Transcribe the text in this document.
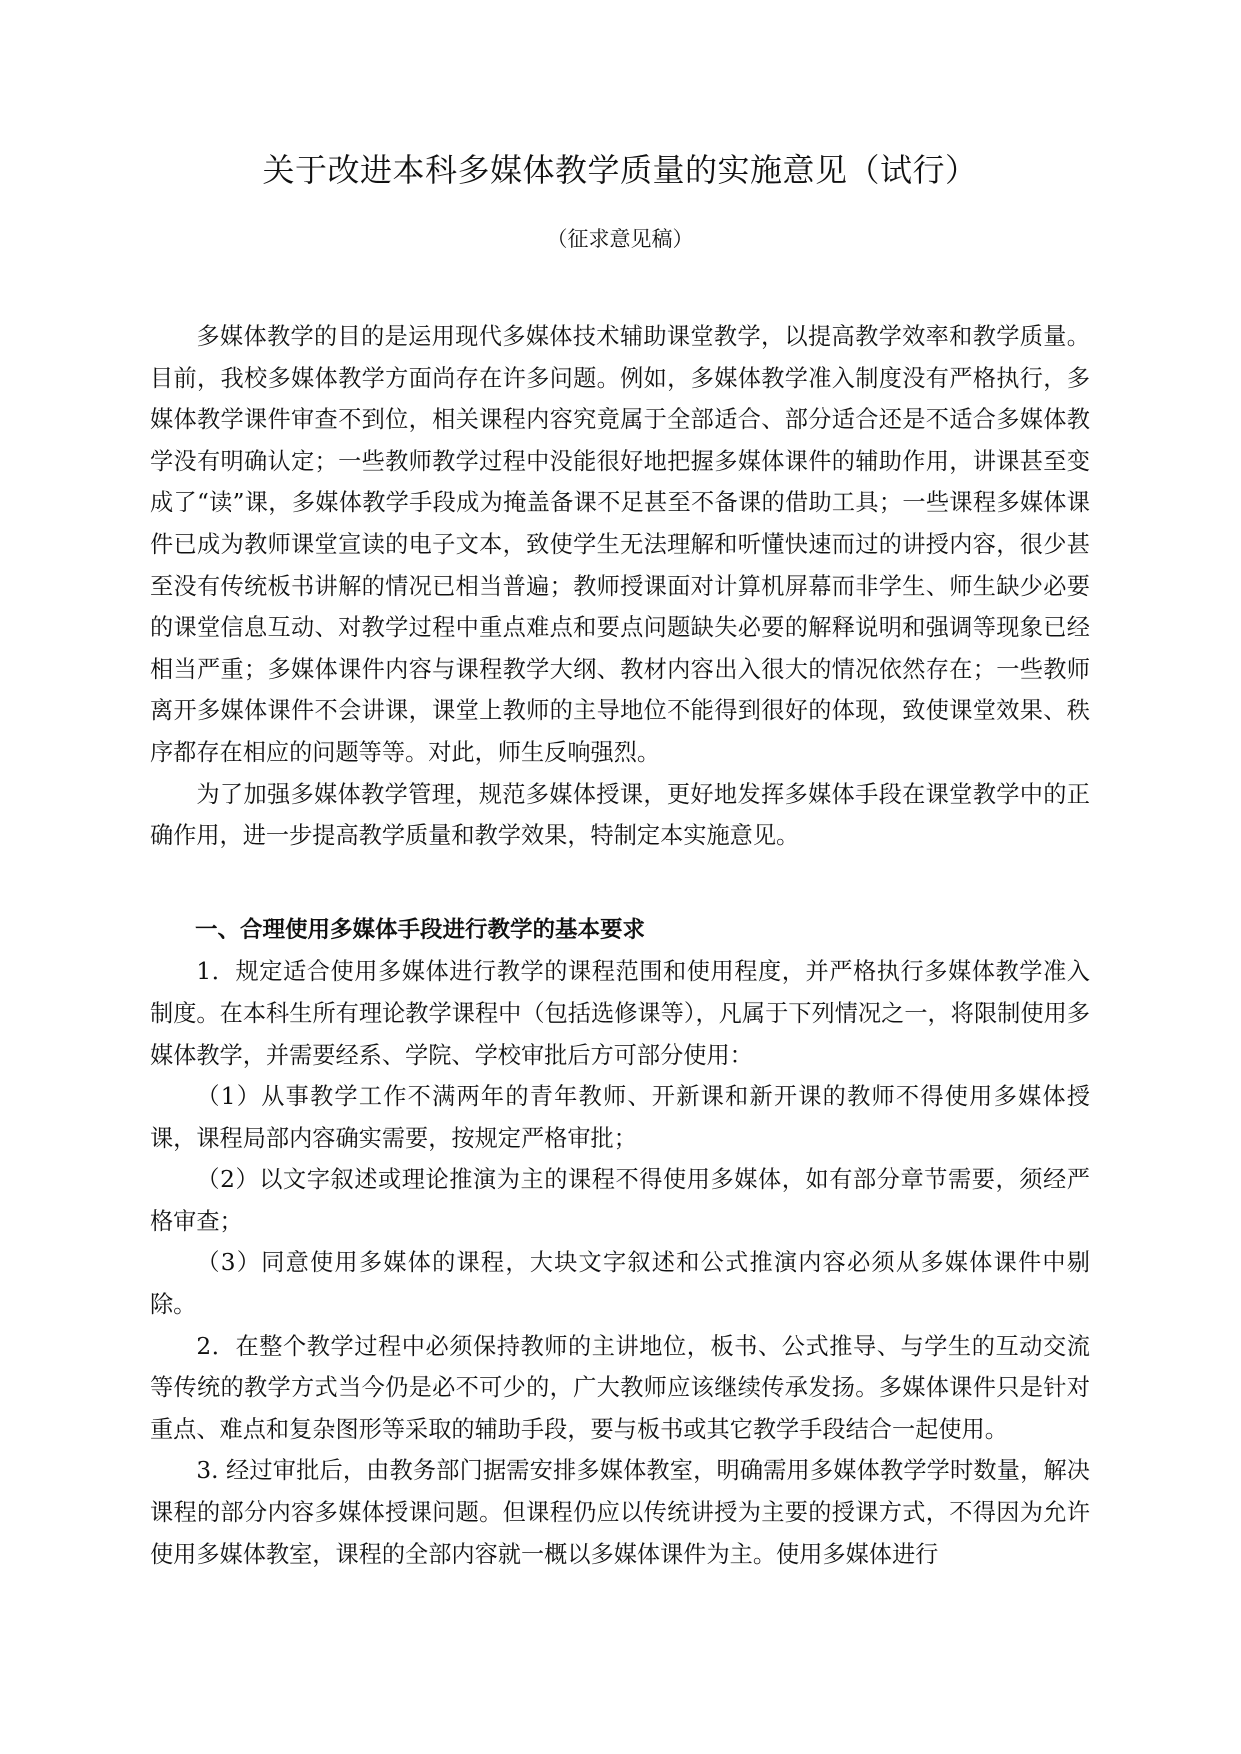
关于改进本科多媒体教学质量的实施意见（试行）
（征求意见稿）

多媒体教学的目的是运用现代多媒体技术辅助课堂教学，以提高教学效率和教学质量。目前，我校多媒体教学方面尚存在许多问题。例如，多媒体教学准入制度没有严格执行，多媒体教学课件审查不到位，相关课程内容究竟属于全部适合、部分适合还是不适合多媒体教学没有明确认定；一些教师教学过程中没能很好地把握多媒体课件的辅助作用，讲课甚至变成了“读”课，多媒体教学手段成为掩盖备课不足甚至不备课的借助工具；一些课程多媒体课件已成为教师课堂宣读的电子文本，致使学生无法理解和听懂快速而过的讲授内容，很少甚至没有传统板书讲解的情况已相当普遍；教师授课面对计算机屏幕而非学生、师生缺少必要的课堂信息互动、对教学过程中重点难点和要点问题缺失必要的解释说明和强调等现象已经相当严重；多媒体课件内容与课程教学大纲、教材内容出入很大的情况依然存在；一些教师离开多媒体课件不会讲课，课堂上教师的主导地位不能得到很好的体现，致使课堂效果、秩序都存在相应的问题等等。对此，师生反响强烈。

为了加强多媒体教学管理，规范多媒体授课，更好地发挥多媒体手段在课堂教学中的正确作用，进一步提高教学质量和教学效果，特制定本实施意见。

一、合理使用多媒体手段进行教学的基本要求

1．规定适合使用多媒体进行教学的课程范围和使用程度，并严格执行多媒体教学准入制度。在本科生所有理论教学课程中（包括选修课等），凡属于下列情况之一，将限制使用多媒体教学，并需要经系、学院、学校审批后方可部分使用：

（1）从事教学工作不满两年的青年教师、开新课和新开课的教师不得使用多媒体授课，课程局部内容确实需要，按规定严格审批；

（2）以文字叙述或理论推演为主的课程不得使用多媒体，如有部分章节需要，须经严格审查；

（3）同意使用多媒体的课程，大块文字叙述和公式推演内容必须从多媒体课件中剔除。

2．在整个教学过程中必须保持教师的主讲地位，板书、公式推导、与学生的互动交流等传统的教学方式当今仍是必不可少的，广大教师应该继续传承发扬。多媒体课件只是针对重点、难点和复杂图形等采取的辅助手段，要与板书或其它教学手段结合一起使用。

3. 经过审批后，由教务部门据需安排多媒体教室，明确需用多媒体教学学时数量，解决课程的部分内容多媒体授课问题。但课程仍应以传统讲授为主要的授课方式，不得因为允许使用多媒体教室，课程的全部内容就一概以多媒体课件为主。使用多媒体进行
